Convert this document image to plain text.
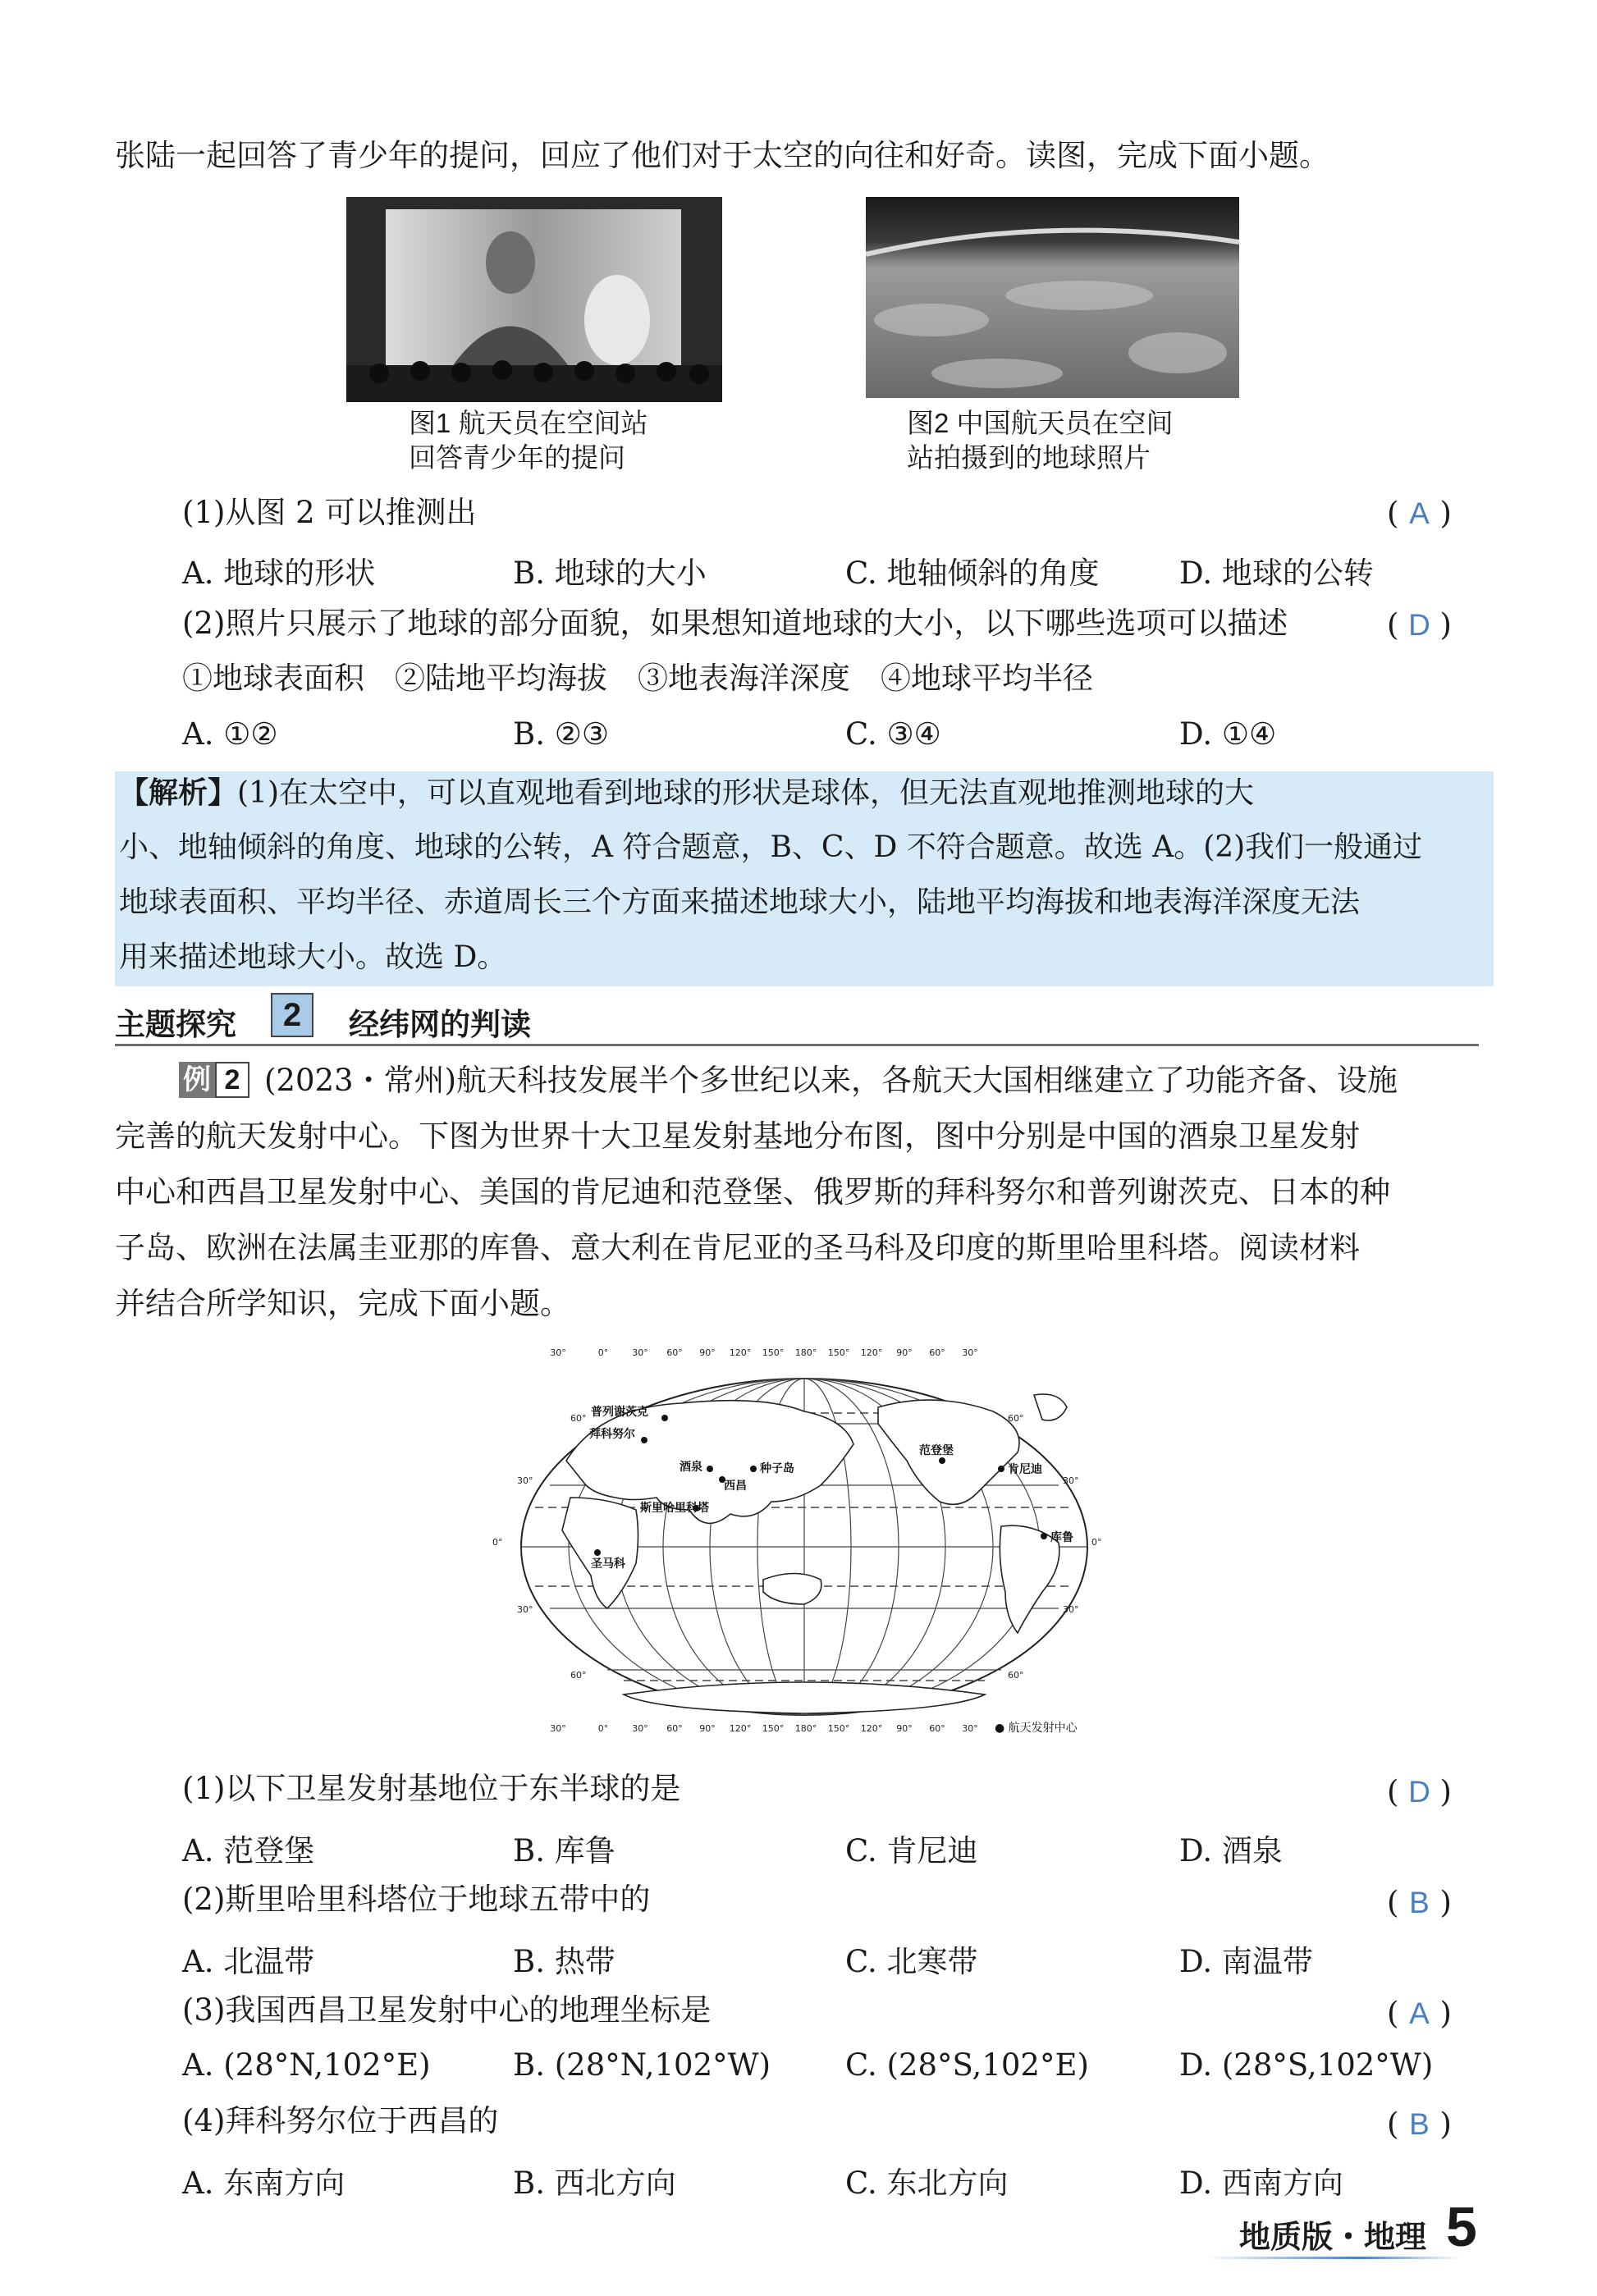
张陆一起回答了青少年的提问，回应了他们对于太空的向往和好奇。读图，完成下面小题。
图1 航天员在空间站
回答青少年的提问
图2 中国航天员在空间
站拍摄到的地球照片
(1)从图 2 可以推测出	( A )
A. 地球的形状	B. 地球的大小	C. 地轴倾斜的角度	D. 地球的公转
(2)照片只展示了地球的部分面貌，如果想知道地球的大小，以下哪些选项可以描述	( D )
①地球表面积　②陆地平均海拔　③地表海洋深度　④地球平均半径
A. ①②	B. ②③	C. ③④	D. ①④
【解析】(1)在太空中，可以直观地看到地球的形状是球体，但无法直观地推测地球的大
小、地轴倾斜的角度、地球的公转，A 符合题意，B、C、D 不符合题意。故选 A。(2)我们一般通过
地球表面积、平均半径、赤道周长三个方面来描述地球大小，陆地平均海拔和地表海洋深度无法
用来描述地球大小。故选 D。
主题探究	2	经纬网的判读
例 2 (2023・常州)航天科技发展半个多世纪以来，各航天大国相继建立了功能齐备、设施
完善的航天发射中心。下图为世界十大卫星发射基地分布图，图中分别是中国的酒泉卫星发射
中心和西昌卫星发射中心、美国的肯尼迪和范登堡、俄罗斯的拜科努尔和普列谢茨克、日本的种
子岛、欧洲在法属圭亚那的库鲁、意大利在肯尼亚的圣马科及印度的斯里哈里科塔。阅读材料
并结合所学知识，完成下面小题。
30°	0°	30° 60° 90° 120° 150° 180° 150° 120° 90° 60° 30°
30°	0°	30° 60° 90° 120° 150° 180° 150° 120° 90° 60° 30°
60°
30°
0°
30°
60°
60°
30°
0°
30°
60°
普列谢茨克
拜科努尔
酒泉
西昌
种子岛
斯里哈里科塔
圣马科
范登堡
肯尼迪
库鲁
● 航天发射中心
(1)以下卫星发射基地位于东半球的是	( D )
A. 范登堡	B. 库鲁	C. 肯尼迪	D. 酒泉
(2)斯里哈里科塔位于地球五带中的	( B )
A. 北温带	B. 热带	C. 北寒带	D. 南温带
(3)我国西昌卫星发射中心的地理坐标是	( A )
A. (28°N,102°E)	B. (28°N,102°W) C. (28°S,102°E)	D. (28°S,102°W)
(4)拜科努尔位于西昌的	( B )
A. 东南方向	B. 西北方向	C. 东北方向	D. 西南方向
地质版・地理 5
